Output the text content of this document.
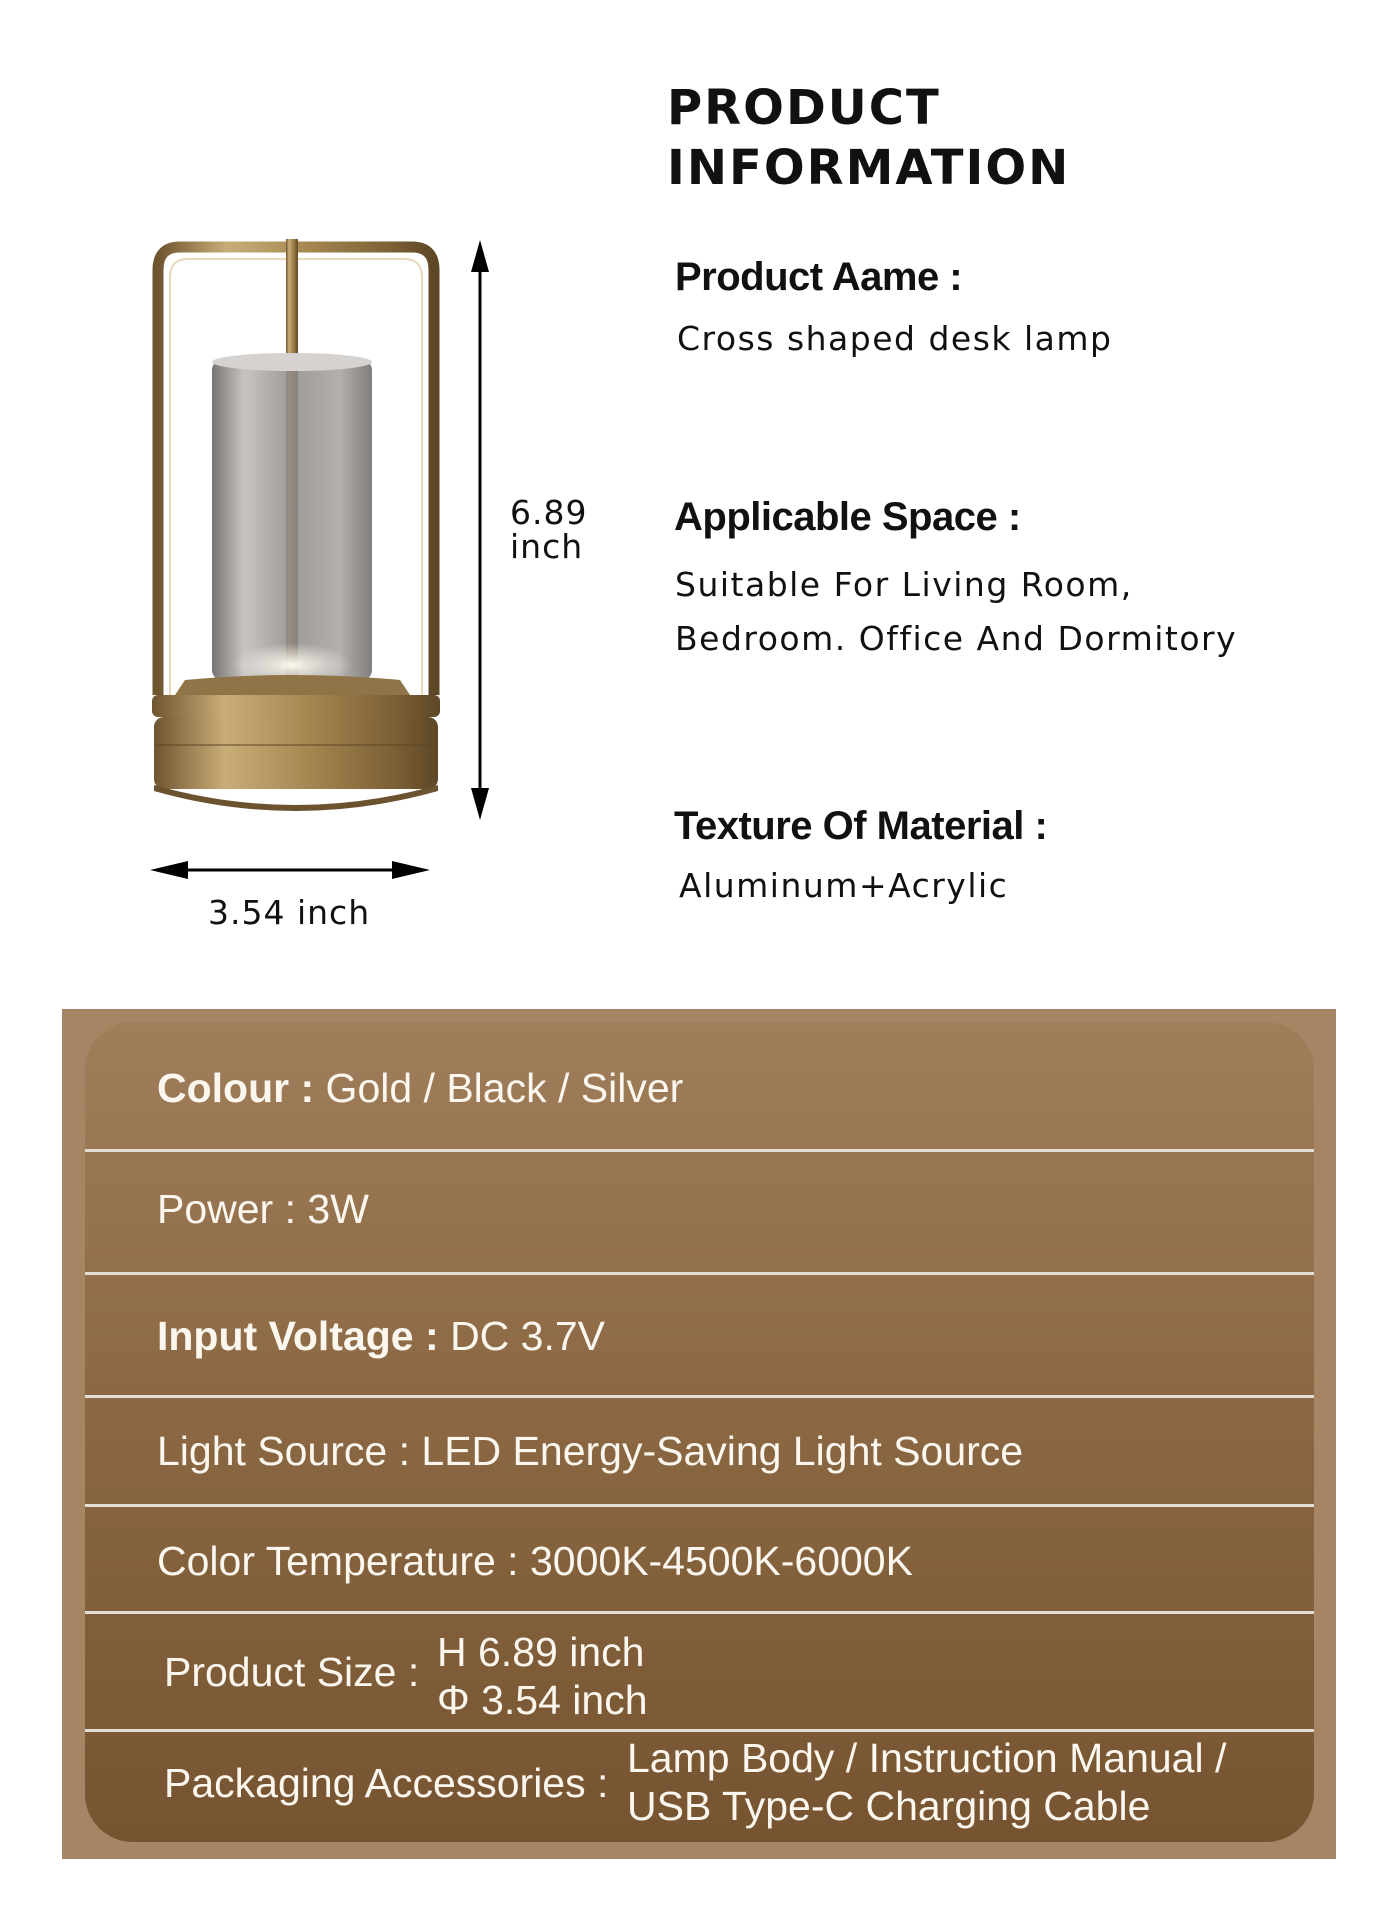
PRODUCT
INFORMATION
6.89
inch
3.54 inch
Product Aame :
Cross shaped desk lamp
Applicable Space :
Suitable For Living Room,
Bedroom. Office And Dormitory
Texture Of Material :
Aluminum+Acrylic
Colour : Gold / Black / Silver
Power : 3W
Input Voltage : DC 3.7V
Light Source : LED Energy-Saving Light Source
Color Temperature : 3000K-4500K-6000K
Product Size : H 6.89 inch
Φ 3.54 inch
Packaging Accessories :
Lamp Body / Instruction Manual /
USB Type-C Charging Cable
